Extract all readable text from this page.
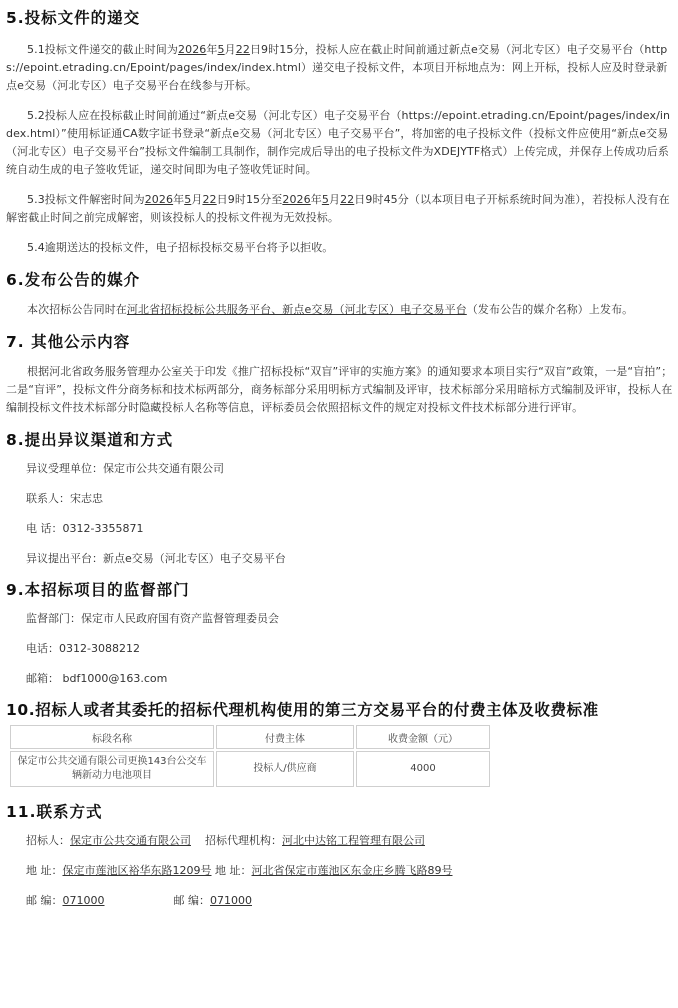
5.投标文件的递交

5.1投标文件递交的截止时间为2026年5月22日9时15分，投标人应在截止时间前通过新点e交易（河北专区）电子交易平台（https://epoint.etrading.cn/Epoint/pages/index/index.html）递交电子投标文件，本项目开标地点为：网上开标，投标人应及时登录新点e交易（河北专区）电子交易平台在线参与开标。

5.2投标人应在投标截止时间前通过“新点e交易（河北专区）电子交易平台（https://epoint.etrading.cn/Epoint/pages/index/index.html）”使用标证通CA数字证书登录“新点e交易（河北专区）电子交易平台”，将加密的电子投标文件（投标文件应使用“新点e交易（河北专区）电子交易平台”投标文件编制工具制作，制作完成后导出的电子投标文件为XDEJYTF格式）上传完成，并保存上传成功后系统自动生成的电子签收凭证，递交时间即为电子签收凭证时间。

5.3投标文件解密时间为2026年5月22日9时15分至2026年5月22日9时45分（以本项目电子开标系统时间为准），若投标人没有在解密截止时间之前完成解密，则该投标人的投标文件视为无效投标。

5.4逾期送达的投标文件，电子招标投标交易平台将予以拒收。

6.发布公告的媒介

本次招标公告同时在河北省招标投标公共服务平台、新点e交易（河北专区）电子交易平台（发布公告的媒介名称）上发布。

7. 其他公示内容

根据河北省政务服务管理办公室关于印发《推广招标投标“双盲”评审的实施方案》的通知要求本项目实行“双盲”政策，一是“盲拍”；二是“盲评”，投标文件分商务标和技术标两部分，商务标部分采用明标方式编制及评审，技术标部分采用暗标方式编制及评审，投标人在编制投标文件技术标部分时隐藏投标人名称等信息，评标委员会依照招标文件的规定对投标文件技术标部分进行评审。

8.提出异议渠道和方式
异议受理单位：保定市公共交通有限公司
联系人：宋志忠
电 话：0312-3355871
异议提出平台：新点e交易（河北专区）电子交易平台
9.本招标项目的监督部门
监督部门：保定市人民政府国有资产监督管理委员会
电话：0312-3088212
邮箱： bdf1000@163.com
10.招标人或者其委托的招标代理机构使用的第三方交易平台的付费主体及收费标准
标段名称	付费主体	收费金额（元）
保定市公共交通有限公司更换143台公交车辆新动力电池项目	投标人/供应商	4000
11.联系方式
招标人：保定市公共交通有限公司 招标代理机构：河北中达铭工程管理有限公司
地 址：保定市莲池区裕华东路1209号 地 址：河北省保定市莲池区东金庄乡腾飞路89号
邮 编：071000	邮 编：071000
